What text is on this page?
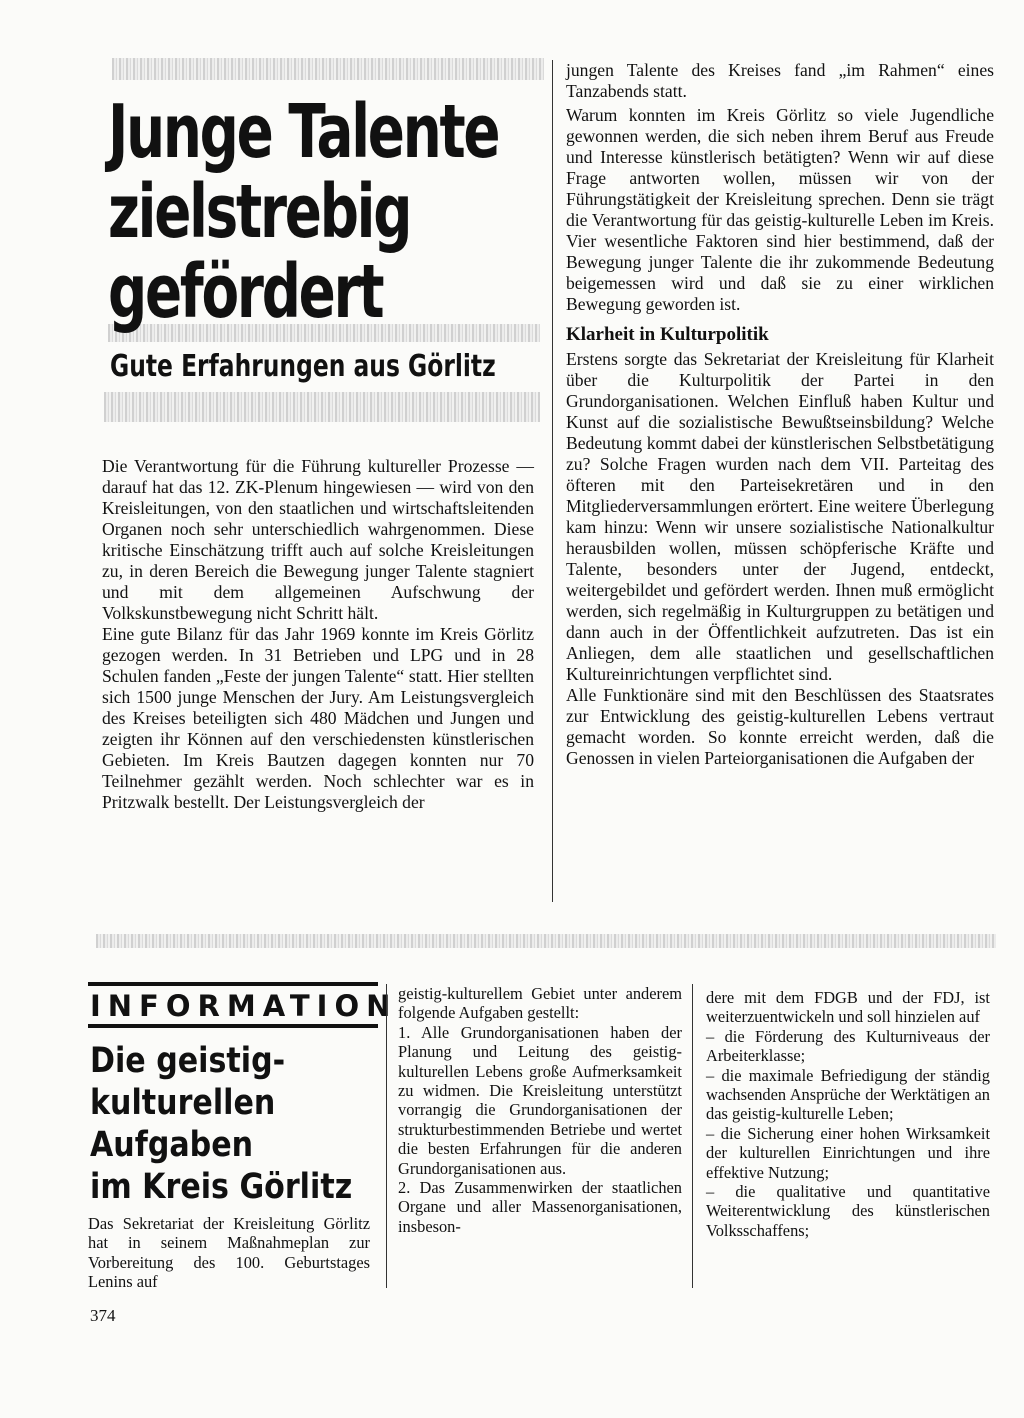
Junge Talente
zielstrebig
gefördert
Gute Erfahrungen aus Görlitz

Die Verantwortung für die Führung kultureller Prozesse — darauf hat das 12. ZK-Plenum hingewiesen — wird von den Kreisleitungen, von den staatlichen und wirtschaftsleitenden Organen noch sehr unterschiedlich wahrgenommen. Diese kritische Einschätzung trifft auch auf solche Kreisleitungen zu, in deren Bereich die Bewegung junger Talente stagniert und mit dem allgemeinen Aufschwung der Volkskunstbewegung nicht Schritt hält.

Eine gute Bilanz für das Jahr 1969 konnte im Kreis Görlitz gezogen werden. In 31 Betrieben und LPG und in 28 Schulen fanden „Feste der jungen Talente“ statt. Hier stellten sich 1500 junge Menschen der Jury. Am Leistungsvergleich des Kreises beteiligten sich 480 Mädchen und Jungen und zeigten ihr Können auf den verschiedensten künstlerischen Gebieten. Im Kreis Bautzen dagegen konnten nur 70 Teilnehmer gezählt werden. Noch schlechter war es in Pritzwalk bestellt. Der Leistungsvergleich der

jungen Talente des Kreises fand „im Rahmen“ eines Tanzabends statt.

Warum konnten im Kreis Görlitz so viele Jugendliche gewonnen werden, die sich neben ihrem Beruf aus Freude und Interesse künstlerisch betätigten? Wenn wir auf diese Frage antworten wollen, müssen wir von der Führungstätigkeit der Kreisleitung sprechen. Denn sie trägt die Verantwortung für das geistig-kulturelle Leben im Kreis. Vier wesentliche Faktoren sind hier bestimmend, daß der Bewegung junger Talente die ihr zukommende Bedeutung beigemessen wird und daß sie zu einer wirklichen Bewegung geworden ist.

Klarheit in Kulturpolitik

Erstens sorgte das Sekretariat der Kreisleitung für Klarheit über die Kulturpolitik der Partei in den Grundorganisationen. Welchen Einfluß haben Kultur und Kunst auf die sozialistische Bewußtseinsbildung? Welche Bedeutung kommt dabei der künstlerischen Selbstbetätigung zu? Solche Fragen wurden nach dem VII. Parteitag des öfteren mit den Parteisekretären und in den Mitgliederversammlungen erörtert. Eine weitere Überlegung kam hinzu: Wenn wir unsere sozialistische Nationalkultur herausbilden wollen, müssen schöpferische Kräfte und Talente, besonders unter der Jugend, entdeckt, weitergebildet und gefördert werden. Ihnen muß ermöglicht werden, sich regelmäßig in Kulturgruppen zu betätigen und dann auch in der Öffentlichkeit aufzutreten. Das ist ein Anliegen, dem alle staatlichen und gesellschaftlichen Kultureinrichtungen verpflichtet sind.

Alle Funktionäre sind mit den Beschlüssen des Staatsrates zur Entwicklung des geistig-kulturellen Lebens vertraut gemacht worden. So konnte erreicht werden, daß die Genossen in vielen Parteiorganisationen die Aufgaben der

INFORMATION
Die geistig-
kulturellen
Aufgaben
im Kreis Görlitz

Das Sekretariat der Kreisleitung Görlitz hat in seinem Maßnahmeplan zur Vorbereitung des 100. Geburtstages Lenins auf

geistig-kulturellem Gebiet unter anderem folgende Aufgaben gestellt:

1. Alle Grundorganisationen haben der Planung und Leitung des geistig-kulturellen Lebens große Aufmerksamkeit zu widmen. Die Kreisleitung unterstützt vorrangig die Grundorganisationen der strukturbestimmenden Betriebe und wertet die besten Erfahrungen für die anderen Grundorganisationen aus.

2. Das Zusammenwirken der staatlichen Organe und aller Massenorganisationen, insbeson-

dere mit dem FDGB und der FDJ, ist weiterzuentwickeln und soll hinzielen auf

– die Förderung des Kulturniveaus der Arbeiterklasse;

– die maximale Befriedigung der ständig wachsenden Ansprüche der Werktätigen an das geistig-kulturelle Leben;

– die Sicherung einer hohen Wirksamkeit der kulturellen Einrichtungen und ihre effektive Nutzung;

– die qualitative und quantitative Weiterentwicklung des künstlerischen Volksschaffens;

374
